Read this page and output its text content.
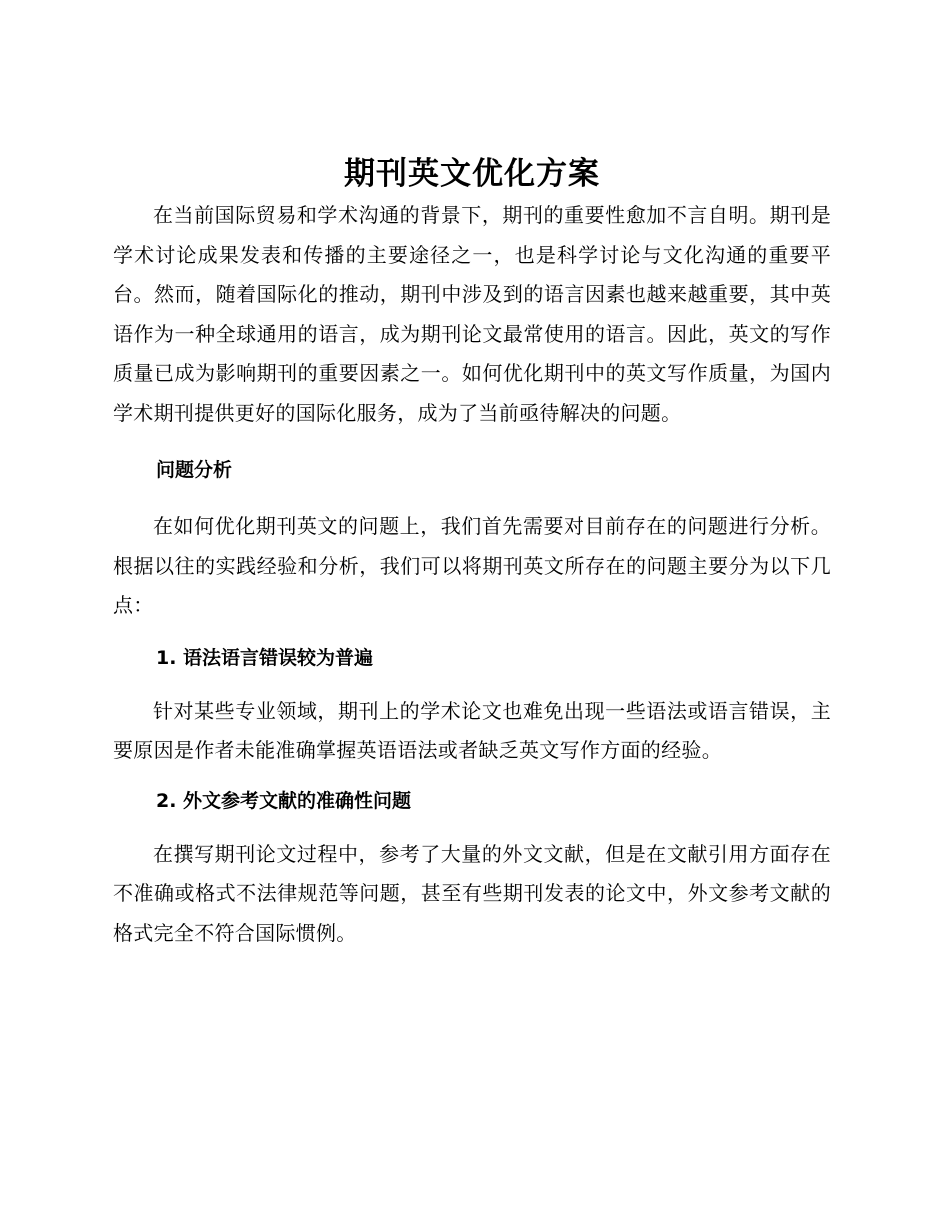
期刊英文优化方案

在当前国际贸易和学术沟通的背景下，期刊的重要性愈加不言自明。期刊是学术讨论成果发表和传播的主要途径之一，也是科学讨论与文化沟通的重要平台。然而，随着国际化的推动，期刊中涉及到的语言因素也越来越重要，其中英语作为一种全球通用的语言，成为期刊论文最常使用的语言。因此，英文的写作质量已成为影响期刊的重要因素之一。如何优化期刊中的英文写作质量，为国内学术期刊提供更好的国际化服务，成为了当前亟待解决的问题。

问题分析

在如何优化期刊英文的问题上，我们首先需要对目前存在的问题进行分析。根据以往的实践经验和分析，我们可以将期刊英文所存在的问题主要分为以下几点：

1. 语法语言错误较为普遍

针对某些专业领域，期刊上的学术论文也难免出现一些语法或语言错误，主要原因是作者未能准确掌握英语语法或者缺乏英文写作方面的经验。

2. 外文参考文献的准确性问题

在撰写期刊论文过程中，参考了大量的外文文献，但是在文献引用方面存在不准确或格式不法律规范等问题，甚至有些期刊发表的论文中，外文参考文献的格式完全不符合国际惯例。
